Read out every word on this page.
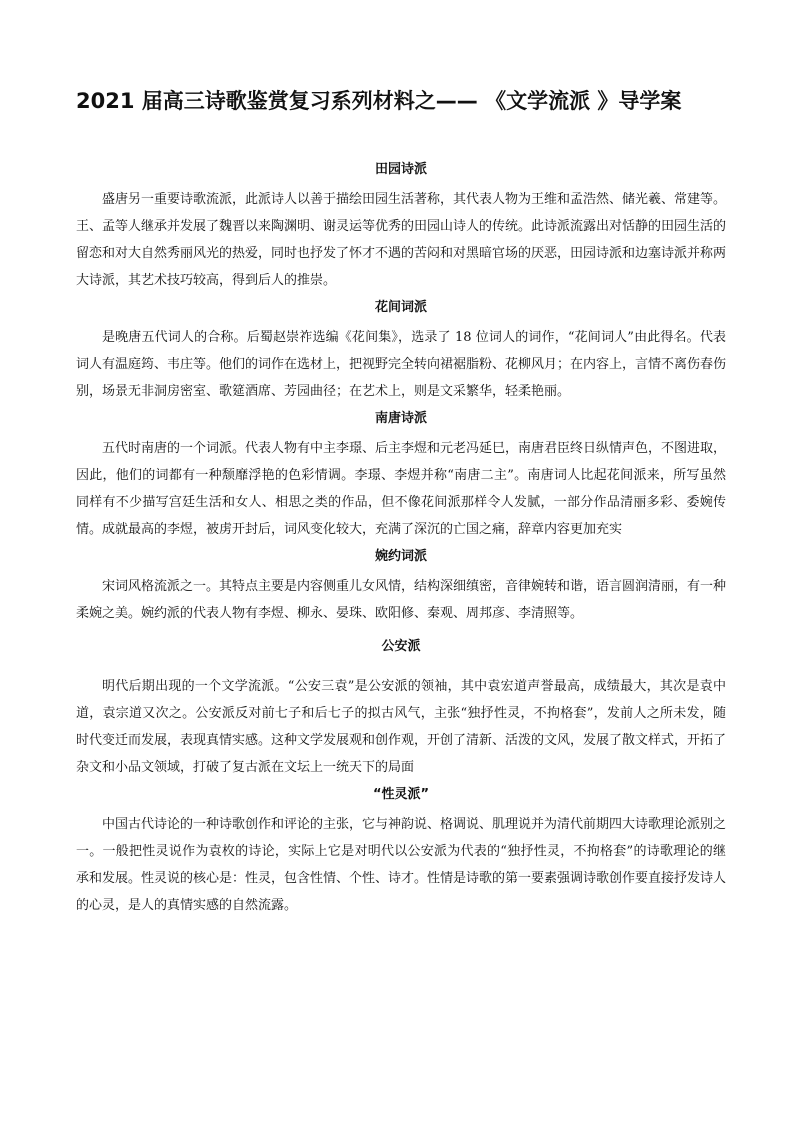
2021 届高三诗歌鉴赏复习系列材料之—— 《文学流派 》导学案
田园诗派

盛唐另一重要诗歌流派，此派诗人以善于描绘田园生活著称，其代表人物为王维和孟浩然、储光羲、常建等。王、孟等人继承并发展了魏晋以来陶渊明、谢灵运等优秀的田园山诗人的传统。此诗派流露出对恬静的田园生活的留恋和对大自然秀丽风光的热爱，同时也抒发了怀才不遇的苦闷和对黑暗官场的厌恶，田园诗派和边塞诗派并称两大诗派，其艺术技巧较高，得到后人的推崇。

花间词派

是晚唐五代词人的合称。后蜀赵崇祚选编《花间集》，选录了 18 位词人的词作，“花间词人”由此得名。代表词人有温庭筠、韦庄等。他们的词作在选材上，把视野完全转向裙裾脂粉、花柳风月；在内容上，言情不离伤春伤别，场景无非洞房密室、歌筵酒席、芳园曲径；在艺术上，则是文采繁华，轻柔艳丽。

南唐诗派

五代时南唐的一个词派。代表人物有中主李璟、后主李煜和元老冯延巳，南唐君臣终日纵情声色，不图进取，因此，他们的词都有一种颓靡浮艳的色彩情调。李璟、李煜并称“南唐二主”。南唐词人比起花间派来，所写虽然同样有不少描写宫廷生活和女人、相思之类的作品，但不像花间派那样令人发腻，一部分作品清丽多彩、委婉传情。成就最高的李煜，被虏开封后，词风变化较大，充满了深沉的亡国之痛，辞章内容更加充实

婉约词派

宋词风格流派之一。其特点主要是内容侧重儿女风情，结构深细缜密，音律婉转和谐，语言圆润清丽，有一种柔婉之美。婉约派的代表人物有李煜、柳永、晏珠、欧阳修、秦观、周邦彦、李清照等。

公安派

明代后期出现的一个文学流派。“公安三袁”是公安派的领袖，其中袁宏道声誉最高，成绩最大，其次是袁中道，袁宗道又次之。公安派反对前七子和后七子的拟古风气，主张“独抒性灵，不拘格套”，发前人之所未发，随时代变迁而发展，表现真情实感。这种文学发展观和创作观，开创了清新、活泼的文风，发展了散文样式，开拓了杂文和小品文领域，打破了复古派在文坛上一统天下的局面

“性灵派”

中国古代诗论的一种诗歌创作和评论的主张，它与神韵说、格调说、肌理说并为清代前期四大诗歌理论派别之一。一般把性灵说作为袁枚的诗论，实际上它是对明代以公安派为代表的“独抒性灵，不拘格套”的诗歌理论的继承和发展。性灵说的核心是：性灵，包含性情、个性、诗才。性情是诗歌的第一要素强调诗歌创作要直接抒发诗人的心灵，是人的真情实感的自然流露。
